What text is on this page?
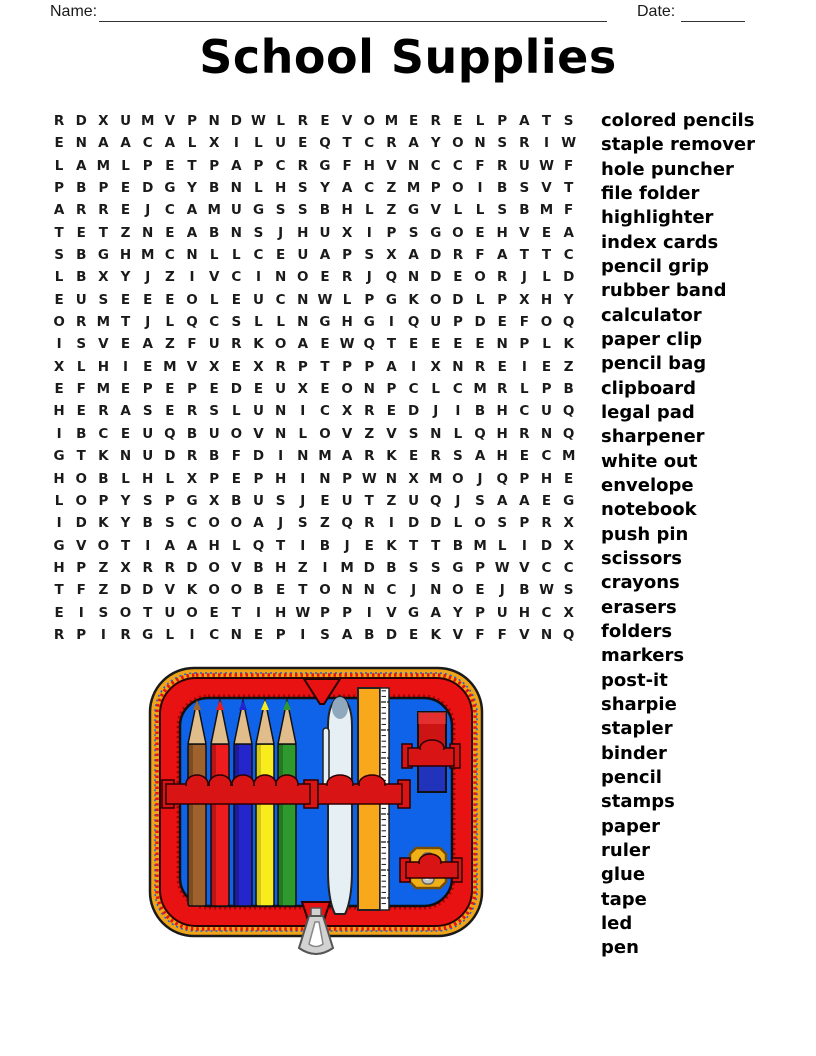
Name:	Date:
School Supplies
R D X U M V P N D W L R E V O M E R E L P A T S
E N A A C A L X	I	L U E Q T C R A Y O N S R	I W
L A M L P E T P A P C R G F H V N C C F R U W F
P B P E D G Y B N L H S Y A C Z M P O	I	B S V T
A R R E	J	C A M U G S S B H L Z G V L	L S B M F
T E T Z N E A B N S	J	H U X	I	P S G O E H V E A
S B G H M C N L	L C E U A P S X A D R F A T T C
L B X Y	J	Z	I	V C	I	N O E R	J	Q N D E O R	J	L D
E U S E E E O L E U C N W L P G K O D L P X H Y
O R M T	J	L Q C S L	L N G H G	I	Q U P D E F O Q
I	S V E A Z F U R K O A E W Q T E E E E N P L K
X L H	I	E M V X E X R P T P P A	I	X N R E	I	E Z
E F M E P E P E D E U X E O N P C L C M R L P B
H E R A S E R S L U N	I	C X R E D	J	I	B H C U Q
I	B C E U Q B U O V N L O V Z V S N L Q H R N Q
G T K N U D R B F D	I	N M A R K E R S A H E C M
H O B L H L X P E P H	I	N P W N X M O	J	Q P H E
L O P Y S P G X B U S	J	E U T Z U Q	J	S A A E G
I	D K Y B S C O O A	J	S Z Q R	I	D D L O S P R X
G V O T	I	A A H L Q T	I	B	J	E K T T B M L	I	D X
H P Z X R R D O V B H Z	I M D B S S G P W V C C
T F Z D D V K O O B E T O N N C	J	N O E	J	B W S
E	I	S O T U O E T	I	H W P P	I	V G A Y P U H C X
R P	I	R G L	I	C N E P	I	S A B D E K V F F V N Q
colored pencils
staple remover
hole puncher
file folder
highlighter
index cards
pencil grip
rubber band
calculator
paper clip
pencil bag
clipboard
legal pad
sharpener
white out
envelope
notebook
push pin
scissors
crayons
erasers
folders
markers
post-it
sharpie
stapler
binder
pencil
stamps
paper
ruler
glue
tape
led
pen
